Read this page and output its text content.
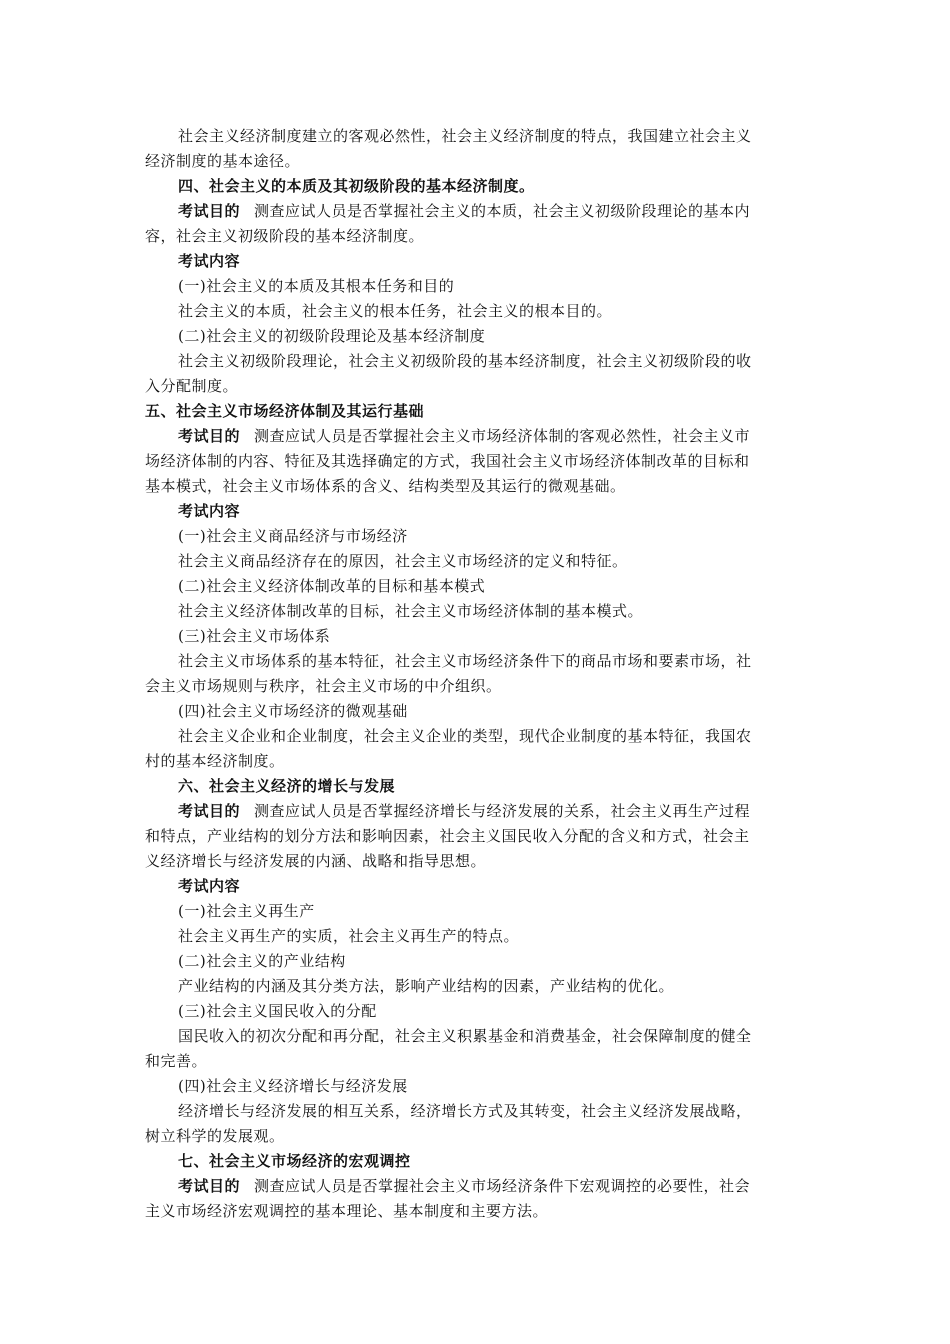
社会主义经济制度建立的客观必然性，社会主义经济制度的特点，我国建立社会主义
经济制度的基本途径。
四、社会主义的本质及其初级阶段的基本经济制度。
考试目的 测查应试人员是否掌握社会主义的本质，社会主义初级阶段理论的基本内
容，社会主义初级阶段的基本经济制度。
考试内容
(一)社会主义的本质及其根本任务和目的
社会主义的本质，社会主义的根本任务，社会主义的根本目的。
(二)社会主义的初级阶段理论及基本经济制度
社会主义初级阶段理论，社会主义初级阶段的基本经济制度，社会主义初级阶段的收
入分配制度。
五、社会主义市场经济体制及其运行基础
考试目的 测查应试人员是否掌握社会主义市场经济体制的客观必然性，社会主义市
场经济体制的内容、特征及其选择确定的方式，我国社会主义市场经济体制改革的目标和
基本模式，社会主义市场体系的含义、结构类型及其运行的微观基础。
考试内容
(一)社会主义商品经济与市场经济
社会主义商品经济存在的原因，社会主义市场经济的定义和特征。
(二)社会主义经济体制改革的目标和基本模式
社会主义经济体制改革的目标，社会主义市场经济体制的基本模式。
(三)社会主义市场体系
社会主义市场体系的基本特征，社会主义市场经济条件下的商品市场和要素市场，社
会主义市场规则与秩序，社会主义市场的中介组织。
(四)社会主义市场经济的微观基础
社会主义企业和企业制度，社会主义企业的类型，现代企业制度的基本特征，我国农
村的基本经济制度。
六、社会主义经济的增长与发展
考试目的 测查应试人员是否掌握经济增长与经济发展的关系，社会主义再生产过程
和特点，产业结构的划分方法和影响因素，社会主义国民收入分配的含义和方式，社会主
义经济增长与经济发展的内涵、战略和指导思想。
考试内容
(一)社会主义再生产
社会主义再生产的实质，社会主义再生产的特点。
(二)社会主义的产业结构
产业结构的内涵及其分类方法，影响产业结构的因素，产业结构的优化。
(三)社会主义国民收入的分配
国民收入的初次分配和再分配，社会主义积累基金和消费基金，社会保障制度的健全
和完善。
(四)社会主义经济增长与经济发展
经济增长与经济发展的相互关系，经济增长方式及其转变，社会主义经济发展战略，
树立科学的发展观。
七、社会主义市场经济的宏观调控
考试目的 测查应试人员是否掌握社会主义市场经济条件下宏观调控的必要性，社会
主义市场经济宏观调控的基本理论、基本制度和主要方法。
